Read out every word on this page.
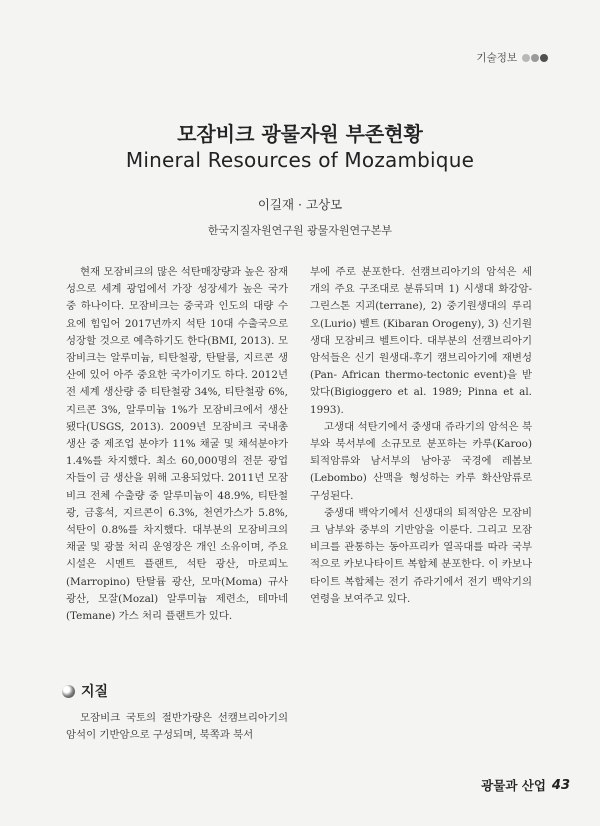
기술정보
모잠비크 광물자원 부존현황
Mineral Resources of Mozambique
이길재 · 고상모
한국지질자원연구원 광물자원연구본부

현재 모잠비크의 많은 석탄매장량과 높은 잠재성으로 세계 광업에서 가장 성장세가 높은 국가 중 하나이다. 모잠비크는 중국과 인도의 대량 수요에 힘입어 2017년까지 석탄 10대 수출국으로 성장할 것으로 예측하기도 한다(BMI, 2013). 모잠비크는 알루미늄, 티탄철광, 탄탈룸, 지르콘 생산에 있어 아주 중요한 국가이기도 하다. 2012년 전 세계 생산량 중 티탄철광 34%, 티탄철광 6%, 지르콘 3%, 알루미늄 1%가 모잠비크에서 생산됐다(USGS, 2013). 2009년 모잠비크 국내총생산 중 제조업 분야가 11% 채굴 및 채석분야가 1.4%를 차지했다. 최소 60,000명의 전문 광업자들이 금 생산을 위해 고용되었다. 2011년 모잠비크 전체 수출량 중 알루미늄이 48.9%, 티탄철광, 금홍석, 지르콘이 6.3%, 천연가스가 5.8%, 석탄이 0.8%를 차지했다. 대부분의 모잠비크의 채굴 및 광물 처리 운영장은 개인 소유이며, 주요 시설은 시멘트 플랜트, 석탄 광산, 마로피노(Marropino) 탄탈륨 광산, 모마(Moma) 규사 광산, 모잘(Mozal) 알루미늄 제련소, 테마네(Temane) 가스 처리 플랜트가 있다.

지질

모잠비크 국토의 절반가량은 선캠브리아기의 암석이 기반암으로 구성되며, 북쪽과 북서

부에 주로 분포한다. 선캠브리아기의 암석은 세 개의 주요 구조대로 분류되며 1) 시생대 화강암-그린스톤 지괴(terrane), 2) 중기원생대의 루리오(Lurio) 벨트 (Kibaran Orogeny), 3) 신기원생대 모잠비크 벨트이다. 대부분의 선캠브리아기 암석들은 신기 원생대-후기 캠브리아기에 재변성 (Pan- African thermo-tectonic event)을 받았다(Bigioggero et al. 1989; Pinna et al. 1993).

고생대 석탄기에서 중생대 쥬라기의 암석은 북부와 북서부에 소규모로 분포하는 카루(Karoo) 퇴적암류와 남서부의 남아공 국경에 레봄보(Lebombo) 산맥을 형성하는 카루 화산암류로 구성된다.

중생대 백악기에서 신생대의 퇴적암은 모잠비크 남부와 중부의 기반암을 이룬다. 그리고 모잠비크를 관통하는 동아프리카 열곡대를 따라 국부적으로 카보나타이트 복합체 분포한다. 이 카보나타이트 복합체는 전기 쥬라기에서 전기 백악기의 연령을 보여주고 있다.

광물과 산업 43
